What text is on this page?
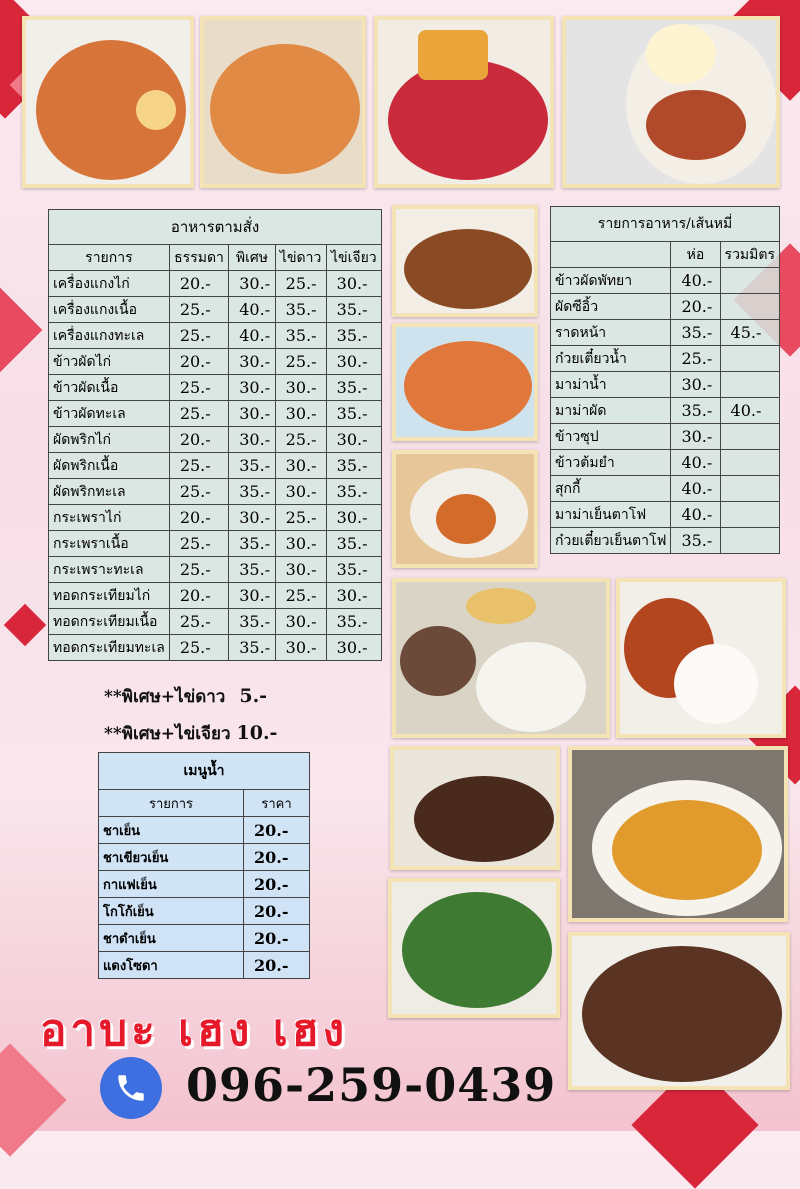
อาหารตามสั่ง				
รายการ	ธรรมดา	พิเศษ	ไข่ดาว	ไข่เจียว
เครื่องแกงไก่	20.-	30.-	25.-	30.-
เครื่องแกงเนื้อ	25.-	40.-	35.-	35.-
เครื่องแกงทะเล	25.-	40.-	35.-	35.-
ข้าวผัดไก่	20.-	30.-	25.-	30.-
ข้าวผัดเนื้อ	25.-	30.-	30.-	35.-
ข้าวผัดทะเล	25.-	30.-	30.-	35.-
ผัดพริกไก่	20.-	30.-	25.-	30.-
ผัดพริกเนื้อ	25.-	35.-	30.-	35.-
ผัดพริกทะเล	25.-	35.-	30.-	35.-
กระเพราไก่	20.-	30.-	25.-	30.-
กระเพราเนื้อ	25.-	35.-	30.-	35.-
กระเพราะทะเล	25.-	35.-	30.-	35.-
ทอดกระเทียมไก่	20.-	30.-	25.-	30.-
ทอดกระเทียมเนื้อ	25.-	35.-	30.-	35.-
ทอดกระเทียมทะเล	25.-	35.-	30.-	30.-
**พิเศษ+ไข่ดาว 5.-
**พิเศษ+ไข่เจียว 10.-
เมนูน้ำ	
รายการ	ราคา
ชาเย็น	20.-
ชาเขียวเย็น	20.-
กาแฟเย็น	20.-
โกโก้เย็น	20.-
ชาดำเย็น	20.-
แดงโซดา	20.-
รายการอาหาร/เส้นหมี่		
	ห่อ	รวมมิตร
ข้าวผัดพัทยา	40.-	
ผัดซีอิ้ว	20.-	
ราดหน้า	35.-	45.-
ก๋วยเตี๋ยวน้ำ	25.-	
มาม่าน้ำ	30.-	
มาม่าผัด	35.-	40.-
ข้าวซุป	30.-	
ข้าวต้มยำ	40.-	
สุกกี้	40.-	
มาม่าเย็นตาโฟ	40.-	
ก๋วยเตี๋ยวเย็นตาโฟ	35.-	
อาบะ เฮง เฮง
096-259-0439
